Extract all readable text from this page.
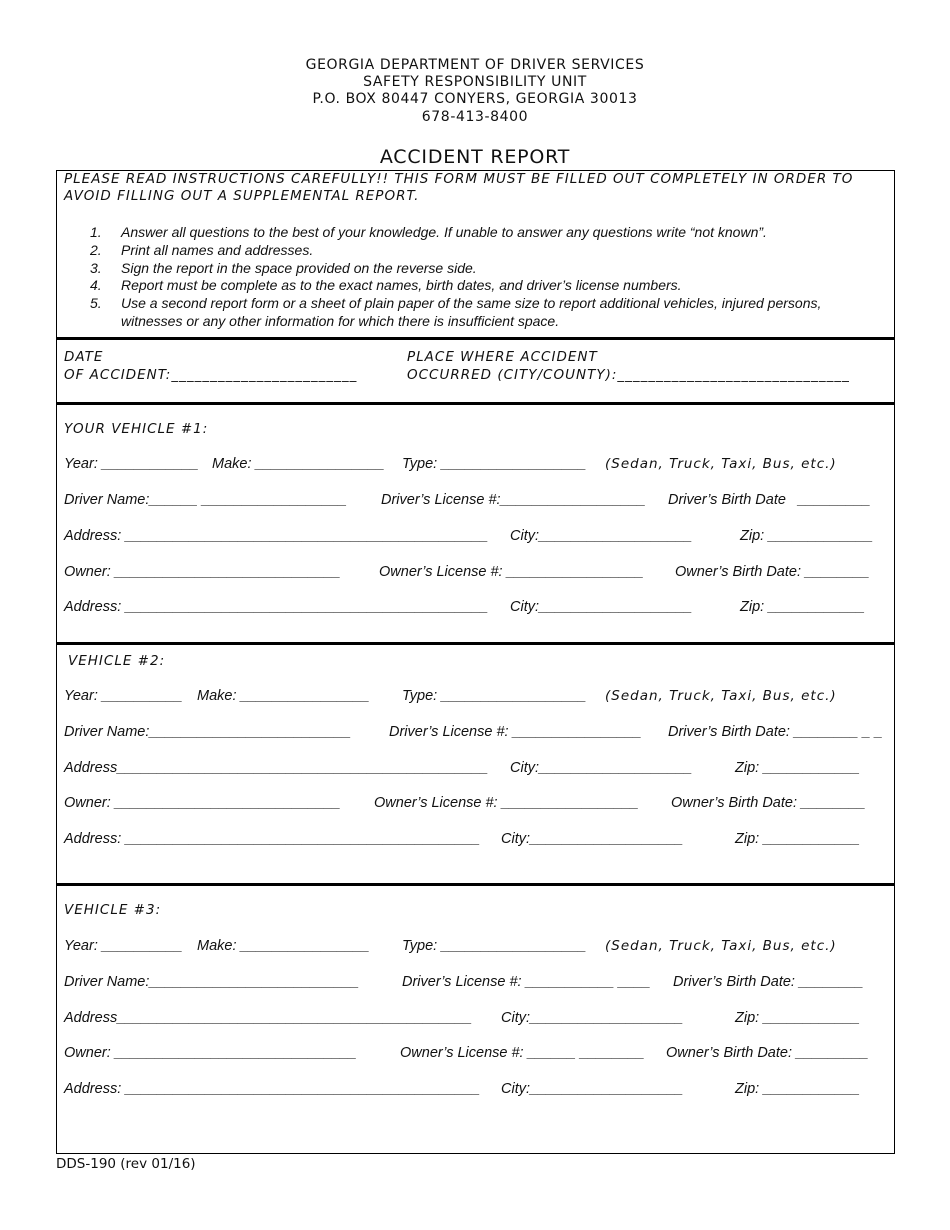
GEORGIA DEPARTMENT OF DRIVER SERVICES
SAFETY RESPONSIBILITY UNIT
P.O. BOX 80447 CONYERS, GEORGIA 30013
678-413-8400
ACCIDENT REPORT
PLEASE READ INSTRUCTIONS CAREFULLY!! THIS FORM MUST BE FILLED OUT COMPLETELY IN ORDER TO AVOID FILLING OUT A SUPPLEMENTAL REPORT.
1.	Answer all questions to the best of your knowledge. If unable to answer any questions write “not known”.
2.	Print all names and addresses.
3.	Sign the report in the space provided on the reverse side.
4.	Report must be complete as to the exact names, birth dates, and driver’s license numbers.
5.	Use a second report form or a sheet of plain paper of the same size to report additional vehicles, injured persons, witnesses or any other information for which there is insufficient space.
DATE
OF ACCIDENT:________________________
PLACE WHERE ACCIDENT
OCCURRED (CITY/COUNTY):______________________________
YOUR VEHICLE #1:
Year: ____________ Make: ________________ Type: __________________ (Sedan, Truck, Taxi, Bus, etc.)
Driver Name:______ __________________ Driver’s License #:__________________ Driver’s Birth Date   _________
Address: _____________________________________________ City:___________________	Zip: _____________
Owner: ____________________________	Owner’s License #: _________________ Owner’s Birth Date: ________
Address: _____________________________________________ City:___________________	Zip: ____________
VEHICLE #2:
Year: __________ Make: ________________ Type: __________________ (Sedan, Truck, Taxi, Bus, etc.)
Driver Name:_________________________	Driver’s License #: ________________ Driver’s Birth Date: ________ _ _
Address______________________________________________ City:___________________	Zip: ____________
Owner: ____________________________ Owner’s License #: _________________ Owner’s Birth Date: ________
Address: ____________________________________________ City:___________________	Zip: ____________
VEHICLE #3:
Year: __________ Make: ________________ Type: __________________ (Sedan, Truck, Taxi, Bus, etc.)
Driver Name:__________________________	Driver’s License #: ___________ ____ Driver’s Birth Date: ________
Address____________________________________________ City:___________________	Zip: ____________
Owner: ______________________________	Owner’s License #: ______ ________ Owner’s Birth Date: _________
Address: ____________________________________________ City:___________________	Zip: ____________
DDS-190 (rev 01/16)
